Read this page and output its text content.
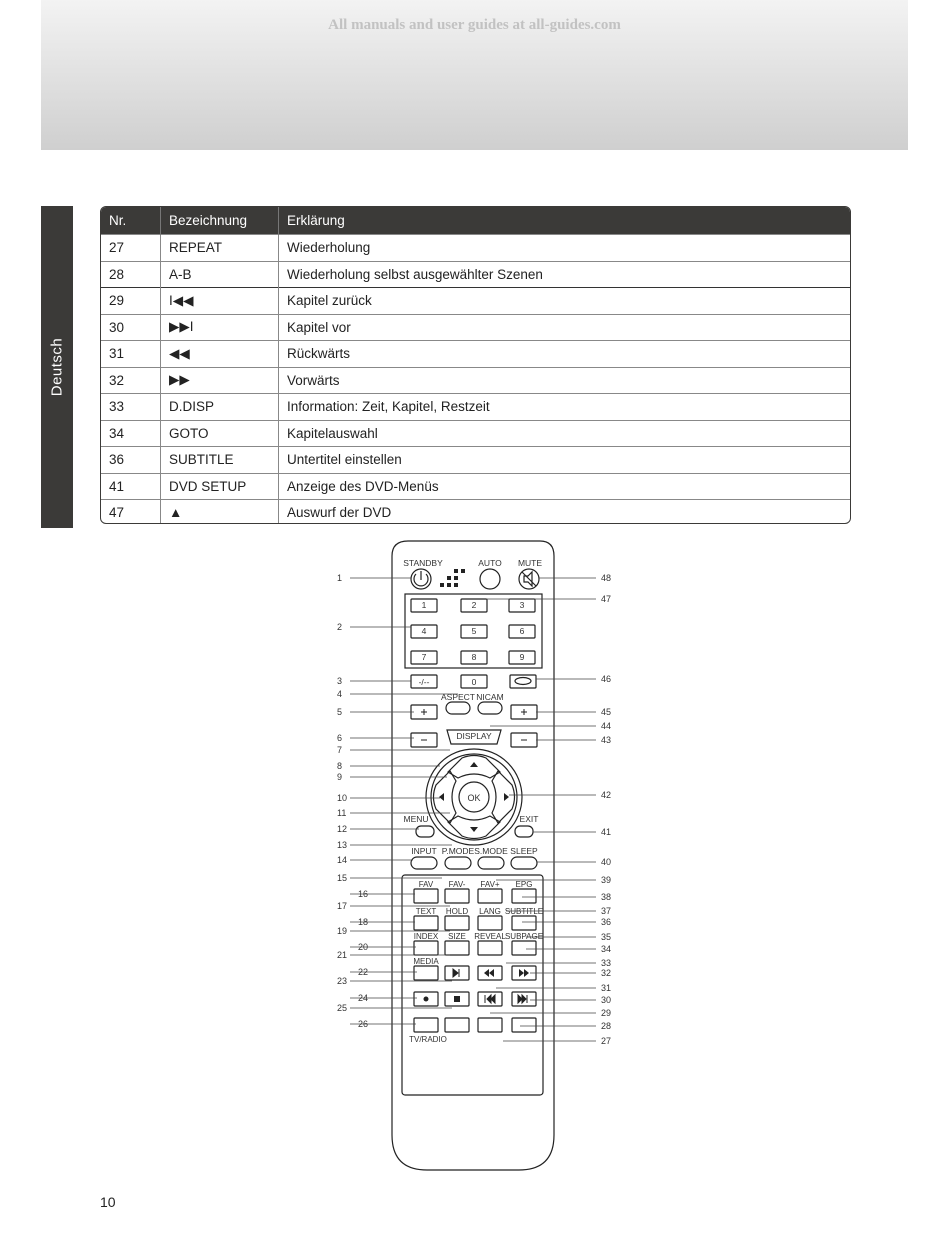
All manuals and user guides at all-guides.com
Deutsch
Nr.	Bezeichnung	Erklärung
27	REPEAT	Wiederholung
28	A-B	Wiederholung selbst ausgewählter Szenen
29	I◀◀	Kapitel zurück
30	▶▶I	Kapitel vor
31	◀◀	Rückwärts
32	▶▶	Vorwärts
33	D.DISP	Information: Zeit, Kapitel, Restzeit
34	GOTO	Kapitelauswahl
36	SUBTITLE	Untertitel einstellen
41	DVD SETUP	Anzeige des DVD-Menüs
47	▲	Auswurf der DVD
STANDBY	AUTO MUTE
1	2	3
4	5	6
7	8	9
-/--	0
ASPECT NICAM
DISPLAY
OK
MENU	EXIT
INPUT P.MODE S.MODE SLEEP
FAV FAV- FAV+ EPG
TEXT HOLD LANG SUBTITLE
INDEX SIZE REVEAL SUBPAGE
MEDIA
TV/RADIO
1
2
3
4
5
6
7
8
9
10
11
12
13
14
15
16
17
18
19
20
21
22
23
24
25
26
48
47
46
45
44
43
42
41
40
39
38
37
36
35
34
33
32
31
30
29
28
27
10
